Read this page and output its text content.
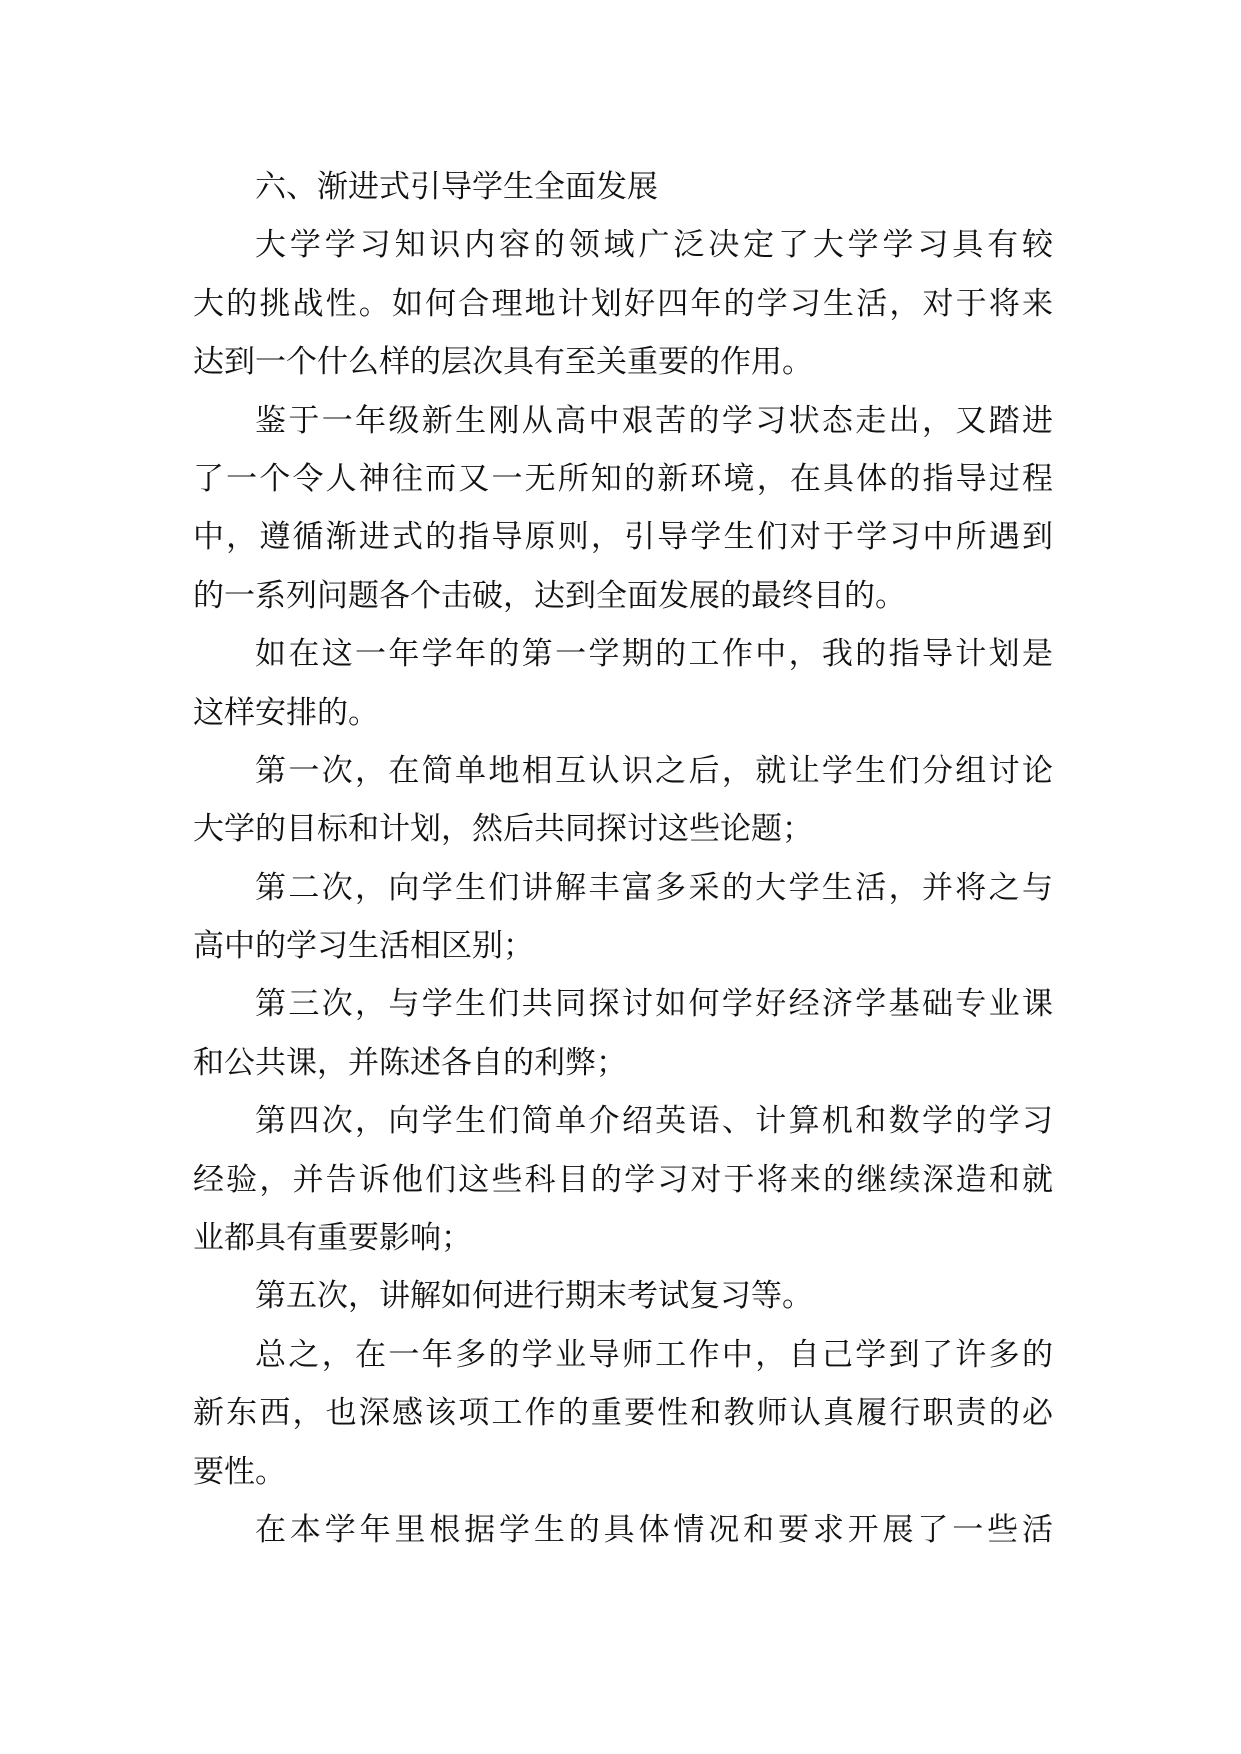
六、渐进式引导学生全面发展
大学学习知识内容的领域广泛决定了大学学习具有较
大的挑战性。如何合理地计划好四年的学习生活，对于将来
达到一个什么样的层次具有至关重要的作用。
鉴于一年级新生刚从高中艰苦的学习状态走出，又踏进
了一个令人神往而又一无所知的新环境，在具体的指导过程
中，遵循渐进式的指导原则，引导学生们对于学习中所遇到
的一系列问题各个击破，达到全面发展的最终目的。
如在这一年学年的第一学期的工作中，我的指导计划是
这样安排的。
第一次，在简单地相互认识之后，就让学生们分组讨论
大学的目标和计划，然后共同探讨这些论题；
第二次，向学生们讲解丰富多采的大学生活，并将之与
高中的学习生活相区别；
第三次，与学生们共同探讨如何学好经济学基础专业课
和公共课，并陈述各自的利弊；
第四次，向学生们简单介绍英语、计算机和数学的学习
经验，并告诉他们这些科目的学习对于将来的继续深造和就
业都具有重要影响；
第五次，讲解如何进行期末考试复习等。
总之，在一年多的学业导师工作中，自己学到了许多的
新东西，也深感该项工作的重要性和教师认真履行职责的必
要性。
在本学年里根据学生的具体情况和要求开展了一些活
